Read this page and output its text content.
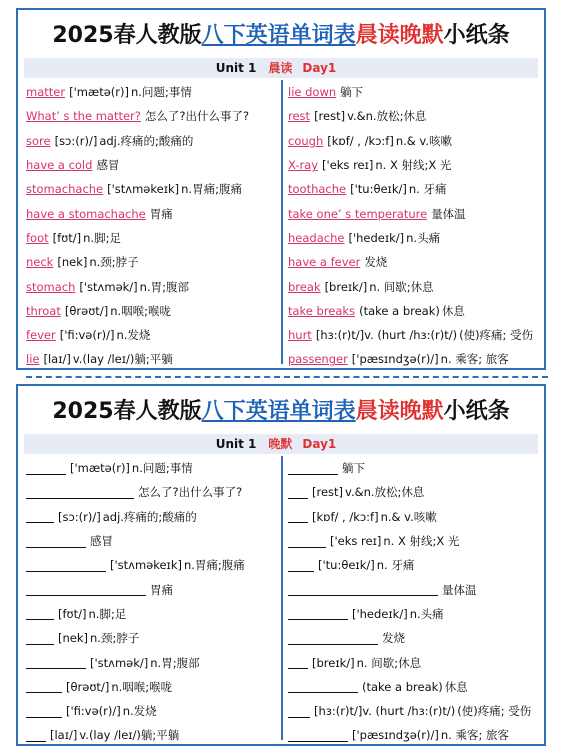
2025春人教版八下英语单词表晨读晚默小纸条
Unit 1 晨读 Day1
matter ['mætə(r)] n.问题;事情
What’ s the matter? 怎么了?出什么事了?
sore [sɔ:(r)/] adj.疼痛的;酸痛的
have a cold 感冒
stomachache ['stʌməkeɪk] n.胃痛;腹痛
have a stomachache 胃痛
foot [fʊt/] n.脚;足
neck [nek] n.颈;脖子
stomach ['stʌmək/] n.胃;腹部
throat [θrəʊt/] n.咽喉;喉咙
fever ['fi:və(r)/] n.发烧
lie [laɪ/] v.(lay /leɪ/)躺;平躺
lie down 躺下
rest [rest] v.&n.放松;休息
cough [kɒf/ , /kɔ:f] n.& v.咳嗽
X-ray ['eks reɪ] n. X 射线;X 光
toothache ['tu:θeɪk/] n. 牙痛
take one’ s temperature 量体温
headache ['hedeɪk/] n.头痛
have a fever 发烧
break [breɪk/] n. 间歇;休息
take breaks (take a break) 休息
hurt [hɜ:(r)t/]v. (hurt /hɜ:(r)t/) (使)疼痛; 受伤
passenger ['pæsɪndʒə(r)/] n. 乘客; 旅客
2025春人教版八下英语单词表晨读晚默小纸条
Unit 1 晚默 Day1
['mætə(r)] n.问题;事情
怎么了?出什么事了?
[sɔ:(r)/] adj.疼痛的;酸痛的
感冒
['stʌməkeɪk] n.胃痛;腹痛
胃痛
[fʊt/] n.脚;足
[nek] n.颈;脖子
['stʌmək/] n.胃;腹部
[θrəʊt/] n.咽喉;喉咙
['fi:və(r)/] n.发烧
[laɪ/] v.(lay /leɪ/)躺;平躺
躺下
[rest] v.&n.放松;休息
[kɒf/ , /kɔ:f] n.& v.咳嗽
['eks reɪ] n. X 射线;X 光
['tu:θeɪk/] n. 牙痛
量体温
['hedeɪk/] n.头痛
发烧
[breɪk/] n. 间歇;休息
(take a break) 休息
[hɜ:(r)t/]v. (hurt /hɜ:(r)t/) (使)疼痛; 受伤
['pæsɪndʒə(r)/] n. 乘客; 旅客
